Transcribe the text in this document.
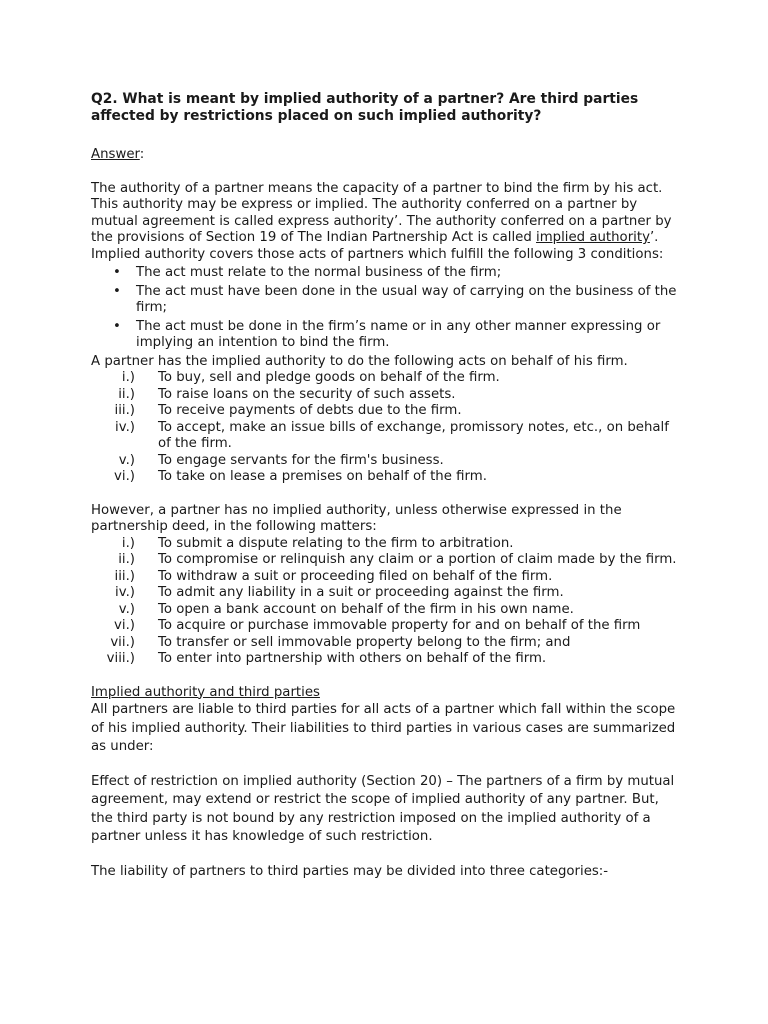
Q2. What is meant by implied authority of a partner? Are third parties affected by restrictions placed on such implied authority?

Answer:

The authority of a partner means the capacity of a partner to bind the firm by his act. This authority may be express or implied. The authority conferred on a partner by mutual agreement is called express authority’. The authority conferred on a partner by the provisions of Section 19 of The Indian Partnership Act is called implied authority’. Implied authority covers those acts of partners which fulfill the following 3 conditions:

• The act must relate to the normal business of the firm;
• The act must have been done in the usual way of carrying on the business of the firm;
• The act must be done in the firm’s name or in any other manner expressing or implying an intention to bind the firm.

A partner has the implied authority to do the following acts on behalf of his firm.

i.) To buy, sell and pledge goods on behalf of the firm.
ii.) To raise loans on the security of such assets.
iii.) To receive payments of debts due to the firm.
iv.) To accept, make an issue bills of exchange, promissory notes, etc., on behalf of the firm.
v.) To engage servants for the firm's business.
vi.) To take on lease a premises on behalf of the firm.

However, a partner has no implied authority, unless otherwise expressed in the partnership deed, in the following matters:

i.) To submit a dispute relating to the firm to arbitration.
ii.) To compromise or relinquish any claim or a portion of claim made by the firm.
iii.) To withdraw a suit or proceeding filed on behalf of the firm.
iv.) To admit any liability in a suit or proceeding against the firm.
v.) To open a bank account on behalf of the firm in his own name.
vi.) To acquire or purchase immovable property for and on behalf of the firm
vii.) To transfer or sell immovable property belong to the firm; and
viii.) To enter into partnership with others on behalf of the firm.

Implied authority and third parties

All partners are liable to third parties for all acts of a partner which fall within the scope of his implied authority. Their liabilities to third parties in various cases are summarized as under:

Effect of restriction on implied authority (Section 20) – The partners of a firm by mutual agreement, may extend or restrict the scope of implied authority of any partner. But, the third party is not bound by any restriction imposed on the implied authority of a partner unless it has knowledge of such restriction.

The liability of partners to third parties may be divided into three categories:-
